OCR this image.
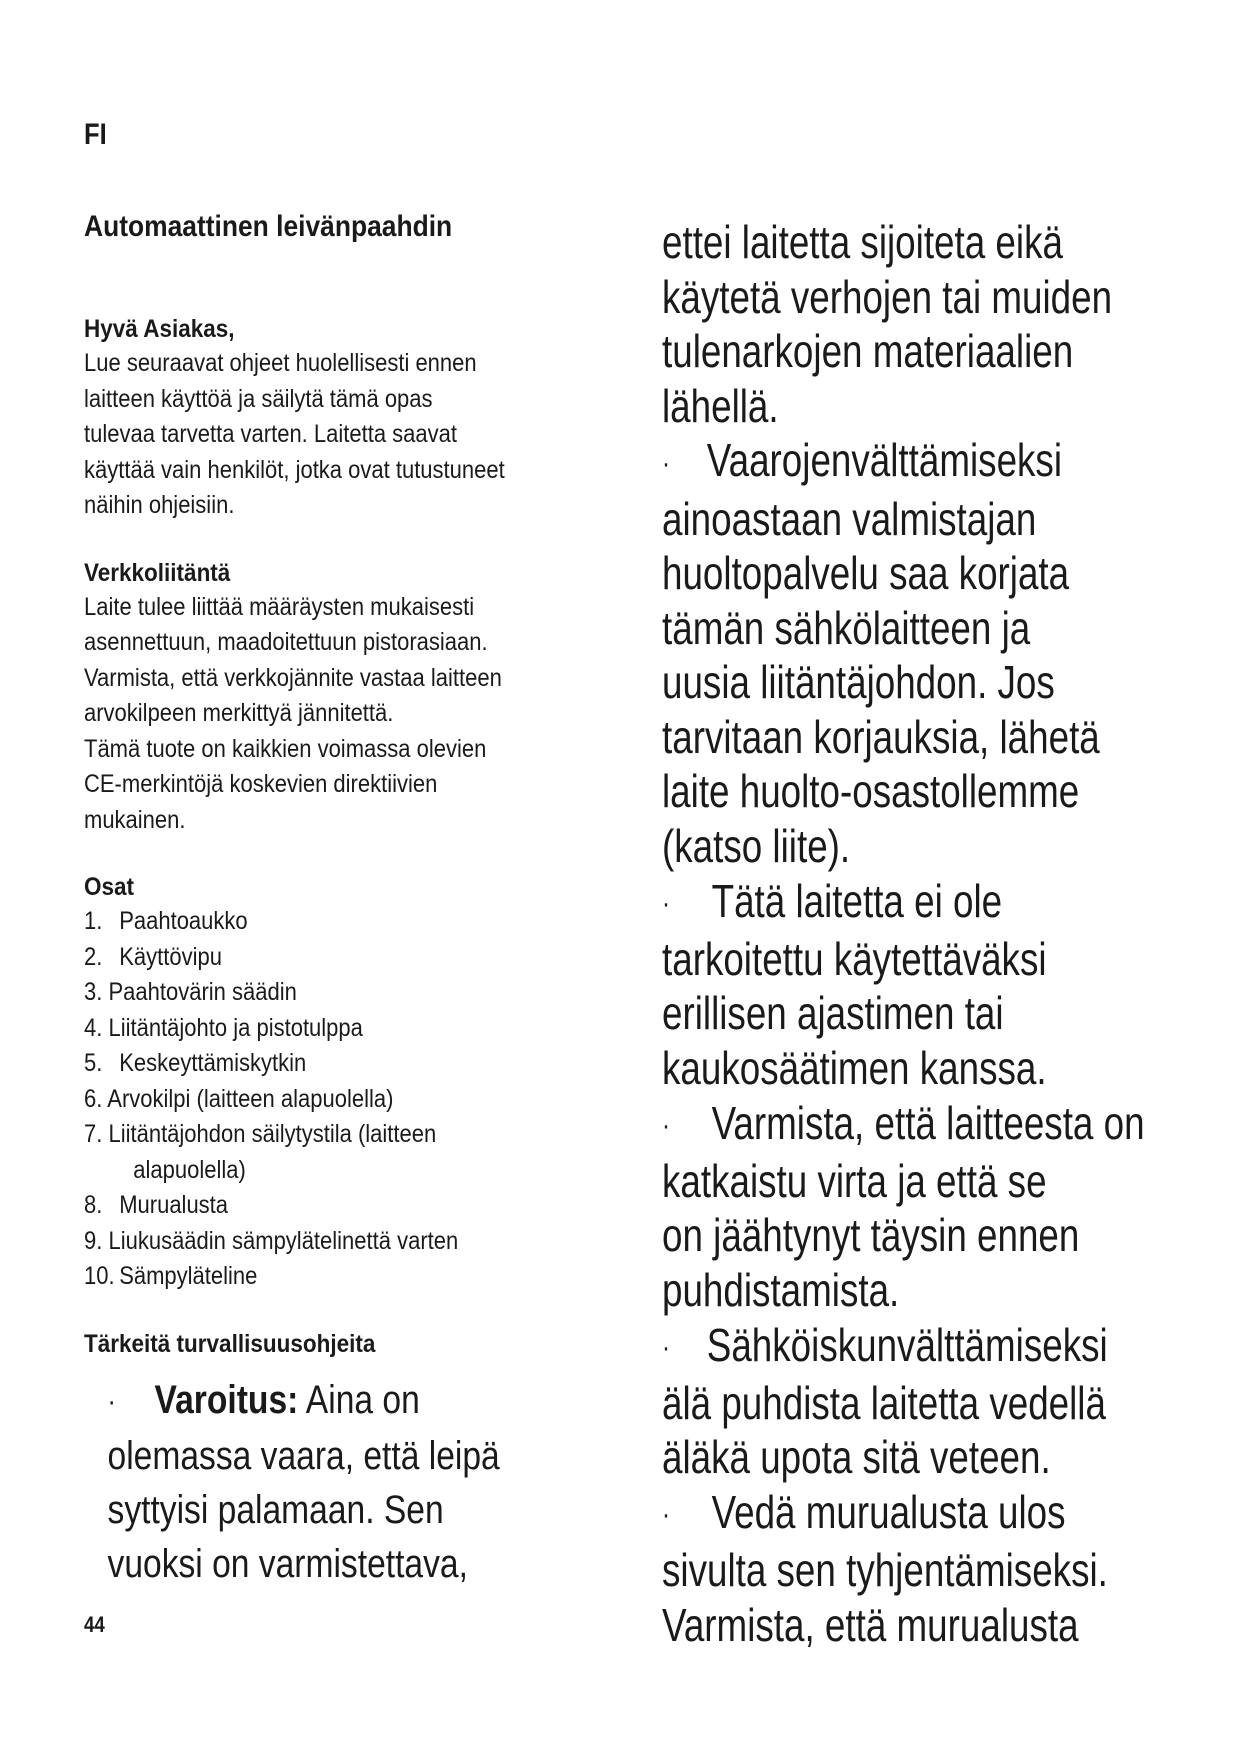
FI
Automaattinen leivänpaahdin
Hyvä Asiakas,

Lue seuraavat ohjeet huolellisesti ennen
laitteen käyttöä ja säilytä tämä opas
tulevaa tarvetta varten. Laitetta saavat
käyttää vain henkilöt, jotka ovat tutustuneet
näihin ohjeisiin.

Verkkoliitäntä

Laite tulee liittää määräysten mukaisesti
asennettuun, maadoitettuun pistorasiaan.
Varmista, että verkkojännite vastaa laitteen
arvokilpeen merkittyä jännitettä.
Tämä tuote on kaikkien voimassa olevien
CE-merkintöjä koskevien direktiivien
mukainen.

Osat
1. Paahtoaukko
2. Käyttövipu
3. Paahtovärin säädin
4. Liitäntäjohto ja pistotulppa
5. Keskeyttämiskytkin
6. Arvokilpi (laitteen alapuolella)
7. Liitäntäjohdon säilytystila (laitteen
alapuolella)
8. Murualusta
9. Liukusäädin sämpylätelinettä varten
10. Sämpyläteline
Tärkeitä turvallisuusohjeita
· Varoitus: Aina on
olemassa vaara, että leipä
syttyisi palamaan. Sen
vuoksi on varmistettava,
ettei laitetta sijoiteta eikä
käytetä verhojen tai muiden
tulenarkojen materiaalien
lähellä.
· Vaarojenvälttämiseksi
ainoastaan valmistajan
huoltopalvelu saa korjata
tämän sähkölaitteen ja
uusia liitäntäjohdon. Jos
tarvitaan korjauksia, lähetä
laite huolto-osastollemme
(katso liite).
· Tätä laitetta ei ole
tarkoitettu käytettäväksi
erillisen ajastimen tai
kaukosäätimen kanssa.
· Varmista, että laitteesta on
katkaistu virta ja että se
on jäähtynyt täysin ennen
puhdistamista.
· Sähköiskunvälttämiseksi
älä puhdista laitetta vedellä
äläkä upota sitä veteen.
· Vedä murualusta ulos
sivulta sen tyhjentämiseksi.
Varmista, että murualusta
44
